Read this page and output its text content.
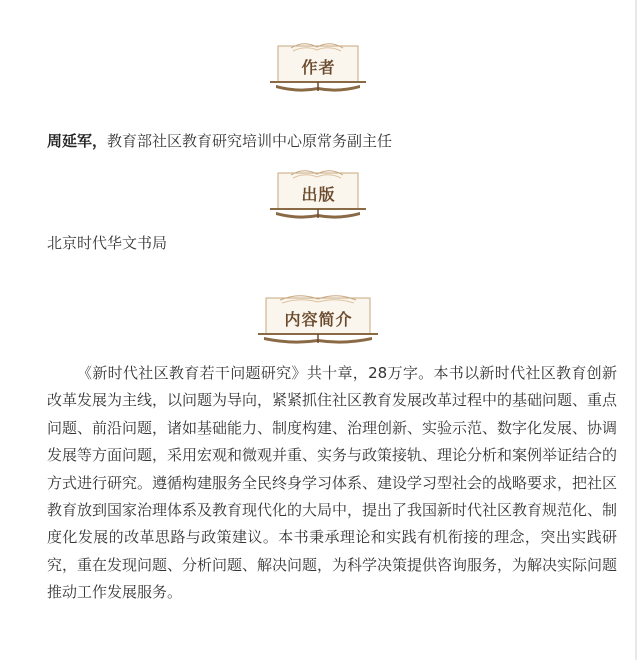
作者
周延军，教育部社区教育研究培训中心原常务副主任
出版
北京时代华文书局
内容简介

《新时代社区教育若干问题研究》共十章，28万字。本书以新时代社区教育创新改革发展为主线，以问题为导向，紧紧抓住社区教育发展改革过程中的基础问题、重点问题、前沿问题，诸如基础能力、制度构建、治理创新、实验示范、数字化发展、协调发展等方面问题，采用宏观和微观并重、实务与政策接轨、理论分析和案例举证结合的方式进行研究。遵循构建服务全民终身学习体系、建设学习型社会的战略要求，把社区教育放到国家治理体系及教育现代化的大局中，提出了我国新时代社区教育规范化、制度化发展的改革思路与政策建议。本书秉承理论和实践有机衔接的理念，突出实践研究，重在发现问题、分析问题、解决问题，为科学决策提供咨询服务，为解决实际问题推动工作发展服务。
